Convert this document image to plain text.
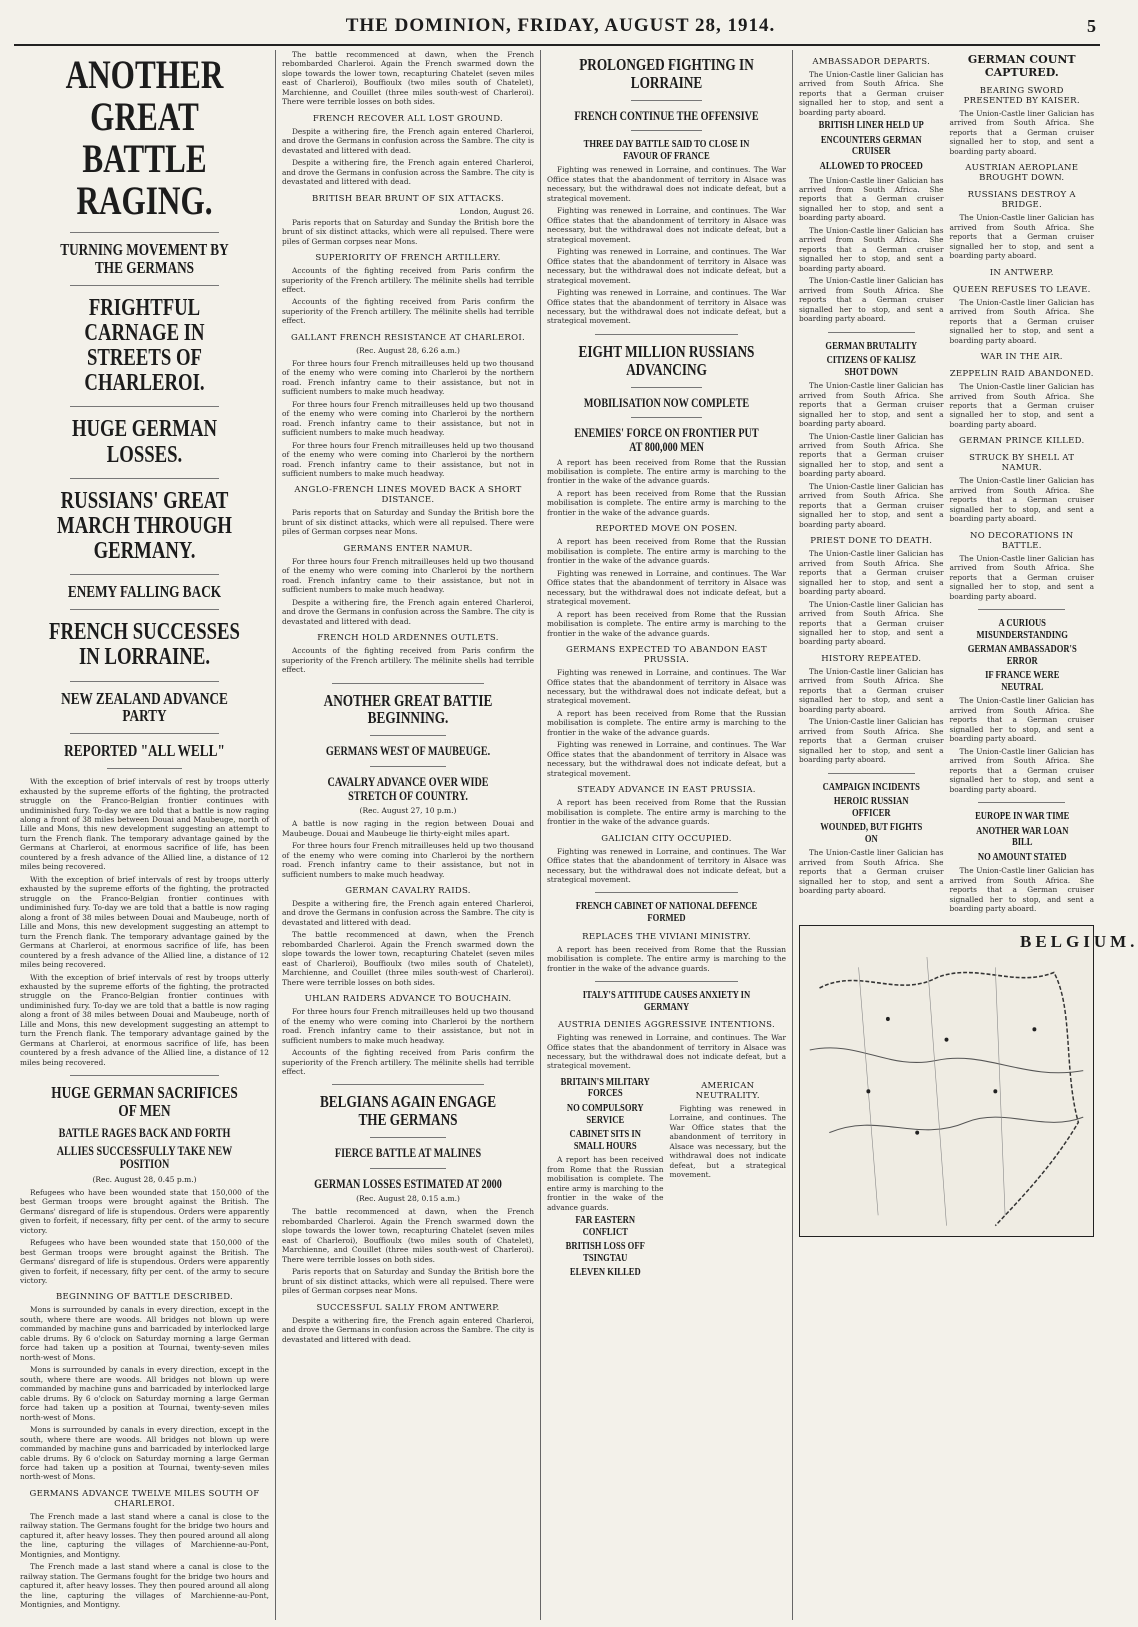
THE DOMINION, FRIDAY, AUGUST 28, 1914.	5
ANOTHER GREAT BATTLE RAGING.
TURNING MOVEMENT BY THE GERMANS
FRIGHTFUL CARNAGE IN STREETS OF CHARLEROI.
HUGE GERMAN LOSSES.
RUSSIANS' GREAT MARCH THROUGH GERMANY.
ENEMY FALLING BACK
FRENCH SUCCESSES IN LORRAINE.
NEW ZEALAND ADVANCE PARTY
REPORTED "ALL WELL"

With the exception of brief intervals of rest by troops utterly exhausted by the supreme efforts of the fighting, the protracted struggle on the Franco-Belgian frontier continues with undiminished fury. To-day we are told that a battle is now raging along a front of 38 miles between Douai and Maubeuge, north of Lille and Mons, this new development suggesting an attempt to turn the French flank. The temporary advantage gained by the Germans at Charleroi, at enormous sacrifice of life, has been countered by a fresh advance of the Allied line, a distance of 12 miles being recovered.

With the exception of brief intervals of rest by troops utterly exhausted by the supreme efforts of the fighting, the protracted struggle on the Franco-Belgian frontier continues with undiminished fury. To-day we are told that a battle is now raging along a front of 38 miles between Douai and Maubeuge, north of Lille and Mons, this new development suggesting an attempt to turn the French flank. The temporary advantage gained by the Germans at Charleroi, at enormous sacrifice of life, has been countered by a fresh advance of the Allied line, a distance of 12 miles being recovered.

With the exception of brief intervals of rest by troops utterly exhausted by the supreme efforts of the fighting, the protracted struggle on the Franco-Belgian frontier continues with undiminished fury. To-day we are told that a battle is now raging along a front of 38 miles between Douai and Maubeuge, north of Lille and Mons, this new development suggesting an attempt to turn the French flank. The temporary advantage gained by the Germans at Charleroi, at enormous sacrifice of life, has been countered by a fresh advance of the Allied line, a distance of 12 miles being recovered.

HUGE GERMAN SACRIFICES OF MEN
BATTLE RAGES BACK AND FORTH
ALLIES SUCCESSFULLY TAKE NEW POSITION
(Rec. August 28, 0.45 p.m.)

Refugees who have been wounded state that 150,000 of the best German troops were brought against the British. The Germans' disregard of life is stupendous. Orders were apparently given to forfeit, if necessary, fifty per cent. of the army to secure victory.

Refugees who have been wounded state that 150,000 of the best German troops were brought against the British. The Germans' disregard of life is stupendous. Orders were apparently given to forfeit, if necessary, fifty per cent. of the army to secure victory.

BEGINNING OF BATTLE DESCRIBED.

Mons is surrounded by canals in every direction, except in the south, where there are woods. All bridges not blown up were commanded by machine guns and barricaded by interlocked large cable drums. By 6 o'clock on Saturday morning a large German force had taken up a position at Tournai, twenty-seven miles north-west of Mons.

Mons is surrounded by canals in every direction, except in the south, where there are woods. All bridges not blown up were commanded by machine guns and barricaded by interlocked large cable drums. By 6 o'clock on Saturday morning a large German force had taken up a position at Tournai, twenty-seven miles north-west of Mons.

Mons is surrounded by canals in every direction, except in the south, where there are woods. All bridges not blown up were commanded by machine guns and barricaded by interlocked large cable drums. By 6 o'clock on Saturday morning a large German force had taken up a position at Tournai, twenty-seven miles north-west of Mons.

GERMANS ADVANCE TWELVE MILES SOUTH OF CHARLEROI.

The French made a last stand where a canal is close to the railway station. The Germans fought for the bridge two hours and captured it, after heavy losses. They then poured around all along the line, capturing the villages of Marchienne-au-Pont, Montignies, and Montigny.

The French made a last stand where a canal is close to the railway station. The Germans fought for the bridge two hours and captured it, after heavy losses. They then poured around all along the line, capturing the villages of Marchienne-au-Pont, Montignies, and Montigny.

The battle recommenced at dawn, when the French rebombarded Charleroi. Again the French swarmed down the slope towards the lower town, recapturing Chatelet (seven miles east of Charleroi), Bouffioulx (two miles south of Chatelet), Marchienne, and Couillet (three miles south-west of Charleroi). There were terrible losses on both sides.

FRENCH RECOVER ALL LOST GROUND.

Despite a withering fire, the French again entered Charleroi, and drove the Germans in confusion across the Sambre. The city is devastated and littered with dead.

Despite a withering fire, the French again entered Charleroi, and drove the Germans in confusion across the Sambre. The city is devastated and littered with dead.

BRITISH BEAR BRUNT OF SIX ATTACKS.
London, August 26.

Paris reports that on Saturday and Sunday the British bore the brunt of six distinct attacks, which were all repulsed. There were piles of German corpses near Mons.

SUPERIORITY OF FRENCH ARTILLERY.

Accounts of the fighting received from Paris confirm the superiority of the French artillery. The mélinite shells had terrible effect.

Accounts of the fighting received from Paris confirm the superiority of the French artillery. The mélinite shells had terrible effect.

GALLANT FRENCH RESISTANCE AT CHARLEROI.
(Rec. August 28, 6.26 a.m.)

For three hours four French mitrailleuses held up two thousand of the enemy who were coming into Charleroi by the northern road. French infantry came to their assistance, but not in sufficient numbers to make much headway.

For three hours four French mitrailleuses held up two thousand of the enemy who were coming into Charleroi by the northern road. French infantry came to their assistance, but not in sufficient numbers to make much headway.

For three hours four French mitrailleuses held up two thousand of the enemy who were coming into Charleroi by the northern road. French infantry came to their assistance, but not in sufficient numbers to make much headway.

ANGLO-FRENCH LINES MOVED BACK A SHORT DISTANCE.

Paris reports that on Saturday and Sunday the British bore the brunt of six distinct attacks, which were all repulsed. There were piles of German corpses near Mons.

GERMANS ENTER NAMUR.

For three hours four French mitrailleuses held up two thousand of the enemy who were coming into Charleroi by the northern road. French infantry came to their assistance, but not in sufficient numbers to make much headway.

Despite a withering fire, the French again entered Charleroi, and drove the Germans in confusion across the Sambre. The city is devastated and littered with dead.

FRENCH HOLD ARDENNES OUTLETS.

Accounts of the fighting received from Paris confirm the superiority of the French artillery. The mélinite shells had terrible effect.

ANOTHER GREAT BATTIE BEGINNING.
GERMANS WEST OF MAUBEUGE.
CAVALRY ADVANCE OVER WIDE STRETCH OF COUNTRY.
(Rec. August 27, 10 p.m.)

A battle is now raging in the region between Douai and Maubeuge. Douai and Maubeuge lie thirty-eight miles apart.

For three hours four French mitrailleuses held up two thousand of the enemy who were coming into Charleroi by the northern road. French infantry came to their assistance, but not in sufficient numbers to make much headway.

GERMAN CAVALRY RAIDS.

Despite a withering fire, the French again entered Charleroi, and drove the Germans in confusion across the Sambre. The city is devastated and littered with dead.

The battle recommenced at dawn, when the French rebombarded Charleroi. Again the French swarmed down the slope towards the lower town, recapturing Chatelet (seven miles east of Charleroi), Bouffioulx (two miles south of Chatelet), Marchienne, and Couillet (three miles south-west of Charleroi). There were terrible losses on both sides.

UHLAN RAIDERS ADVANCE TO BOUCHAIN.

For three hours four French mitrailleuses held up two thousand of the enemy who were coming into Charleroi by the northern road. French infantry came to their assistance, but not in sufficient numbers to make much headway.

Accounts of the fighting received from Paris confirm the superiority of the French artillery. The mélinite shells had terrible effect.

BELGIANS AGAIN ENGAGE THE GERMANS
FIERCE BATTLE AT MALINES
GERMAN LOSSES ESTIMATED AT 2000
(Rec. August 28, 0.15 a.m.)

The battle recommenced at dawn, when the French rebombarded Charleroi. Again the French swarmed down the slope towards the lower town, recapturing Chatelet (seven miles east of Charleroi), Bouffioulx (two miles south of Chatelet), Marchienne, and Couillet (three miles south-west of Charleroi). There were terrible losses on both sides.

Paris reports that on Saturday and Sunday the British bore the brunt of six distinct attacks, which were all repulsed. There were piles of German corpses near Mons.

SUCCESSFUL SALLY FROM ANTWERP.

Despite a withering fire, the French again entered Charleroi, and drove the Germans in confusion across the Sambre. The city is devastated and littered with dead.

PROLONGED FIGHTING IN LORRAINE
FRENCH CONTINUE THE OFFENSIVE
THREE DAY BATTLE SAID TO CLOSE IN FAVOUR OF FRANCE

Fighting was renewed in Lorraine, and continues. The War Office states that the abandonment of territory in Alsace was necessary, but the withdrawal does not indicate defeat, but a strategical movement.

Fighting was renewed in Lorraine, and continues. The War Office states that the abandonment of territory in Alsace was necessary, but the withdrawal does not indicate defeat, but a strategical movement.

Fighting was renewed in Lorraine, and continues. The War Office states that the abandonment of territory in Alsace was necessary, but the withdrawal does not indicate defeat, but a strategical movement.

Fighting was renewed in Lorraine, and continues. The War Office states that the abandonment of territory in Alsace was necessary, but the withdrawal does not indicate defeat, but a strategical movement.

EIGHT MILLION RUSSIANS ADVANCING
MOBILISATION NOW COMPLETE
ENEMIES' FORCE ON FRONTIER PUT AT 800,000 MEN

A report has been received from Rome that the Russian mobilisation is complete. The entire army is marching to the frontier in the wake of the advance guards.

A report has been received from Rome that the Russian mobilisation is complete. The entire army is marching to the frontier in the wake of the advance guards.

REPORTED MOVE ON POSEN.

A report has been received from Rome that the Russian mobilisation is complete. The entire army is marching to the frontier in the wake of the advance guards.

Fighting was renewed in Lorraine, and continues. The War Office states that the abandonment of territory in Alsace was necessary, but the withdrawal does not indicate defeat, but a strategical movement.

A report has been received from Rome that the Russian mobilisation is complete. The entire army is marching to the frontier in the wake of the advance guards.

GERMANS EXPECTED TO ABANDON EAST PRUSSIA.

Fighting was renewed in Lorraine, and continues. The War Office states that the abandonment of territory in Alsace was necessary, but the withdrawal does not indicate defeat, but a strategical movement.

A report has been received from Rome that the Russian mobilisation is complete. The entire army is marching to the frontier in the wake of the advance guards.

Fighting was renewed in Lorraine, and continues. The War Office states that the abandonment of territory in Alsace was necessary, but the withdrawal does not indicate defeat, but a strategical movement.

STEADY ADVANCE IN EAST PRUSSIA.

A report has been received from Rome that the Russian mobilisation is complete. The entire army is marching to the frontier in the wake of the advance guards.

GALICIAN CITY OCCUPIED.

Fighting was renewed in Lorraine, and continues. The War Office states that the abandonment of territory in Alsace was necessary, but the withdrawal does not indicate defeat, but a strategical movement.

FRENCH CABINET OF NATIONAL DEFENCE FORMED
REPLACES THE VIVIANI MINISTRY.

A report has been received from Rome that the Russian mobilisation is complete. The entire army is marching to the frontier in the wake of the advance guards.

ITALY'S ATTITUDE CAUSES ANXIETY IN GERMANY
AUSTRIA DENIES AGGRESSIVE INTENTIONS.

Fighting was renewed in Lorraine, and continues. The War Office states that the abandonment of territory in Alsace was necessary, but the withdrawal does not indicate defeat, but a strategical movement.

BRITAIN'S MILITARY FORCES
NO COMPULSORY SERVICE
CABINET SITS IN SMALL HOURS

A report has been received from Rome that the Russian mobilisation is complete. The entire army is marching to the frontier in the wake of the advance guards.

FAR EASTERN CONFLICT
BRITISH LOSS OFF TSINGTAU
ELEVEN KILLED
AMERICAN NEUTRALITY.

Fighting was renewed in Lorraine, and continues. The War Office states that the abandonment of territory in Alsace was necessary, but the withdrawal does not indicate defeat, but a strategical movement.

AMBASSADOR DEPARTS.

The Union-Castle liner Galician has arrived from South Africa. She reports that a German cruiser signalled her to stop, and sent a boarding party aboard.

BRITISH LINER HELD UP
ENCOUNTERS GERMAN CRUISER
ALLOWED TO PROCEED

The Union-Castle liner Galician has arrived from South Africa. She reports that a German cruiser signalled her to stop, and sent a boarding party aboard.

The Union-Castle liner Galician has arrived from South Africa. She reports that a German cruiser signalled her to stop, and sent a boarding party aboard.

The Union-Castle liner Galician has arrived from South Africa. She reports that a German cruiser signalled her to stop, and sent a boarding party aboard.

GERMAN BRUTALITY
CITIZENS OF KALISZ SHOT DOWN

The Union-Castle liner Galician has arrived from South Africa. She reports that a German cruiser signalled her to stop, and sent a boarding party aboard.

The Union-Castle liner Galician has arrived from South Africa. She reports that a German cruiser signalled her to stop, and sent a boarding party aboard.

The Union-Castle liner Galician has arrived from South Africa. She reports that a German cruiser signalled her to stop, and sent a boarding party aboard.

PRIEST DONE TO DEATH.

The Union-Castle liner Galician has arrived from South Africa. She reports that a German cruiser signalled her to stop, and sent a boarding party aboard.

The Union-Castle liner Galician has arrived from South Africa. She reports that a German cruiser signalled her to stop, and sent a boarding party aboard.

HISTORY REPEATED.

The Union-Castle liner Galician has arrived from South Africa. She reports that a German cruiser signalled her to stop, and sent a boarding party aboard.

The Union-Castle liner Galician has arrived from South Africa. She reports that a German cruiser signalled her to stop, and sent a boarding party aboard.

CAMPAIGN INCIDENTS
HEROIC RUSSIAN OFFICER
WOUNDED, BUT FIGHTS ON

The Union-Castle liner Galician has arrived from South Africa. She reports that a German cruiser signalled her to stop, and sent a boarding party aboard.

GERMAN COUNT CAPTURED.
BEARING SWORD PRESENTED BY KAISER.

The Union-Castle liner Galician has arrived from South Africa. She reports that a German cruiser signalled her to stop, and sent a boarding party aboard.

AUSTRIAN AEROPLANE BROUGHT DOWN.
RUSSIANS DESTROY A BRIDGE.

The Union-Castle liner Galician has arrived from South Africa. She reports that a German cruiser signalled her to stop, and sent a boarding party aboard.

IN ANTWERP.
QUEEN REFUSES TO LEAVE.

The Union-Castle liner Galician has arrived from South Africa. She reports that a German cruiser signalled her to stop, and sent a boarding party aboard.

WAR IN THE AIR.
ZEPPELIN RAID ABANDONED.

The Union-Castle liner Galician has arrived from South Africa. She reports that a German cruiser signalled her to stop, and sent a boarding party aboard.

GERMAN PRINCE KILLED.
STRUCK BY SHELL AT NAMUR.

The Union-Castle liner Galician has arrived from South Africa. She reports that a German cruiser signalled her to stop, and sent a boarding party aboard.

NO DECORATIONS IN BATTLE.

The Union-Castle liner Galician has arrived from South Africa. She reports that a German cruiser signalled her to stop, and sent a boarding party aboard.

A CURIOUS MISUNDERSTANDING
GERMAN AMBASSADOR'S ERROR
IF FRANCE WERE NEUTRAL

The Union-Castle liner Galician has arrived from South Africa. She reports that a German cruiser signalled her to stop, and sent a boarding party aboard.

The Union-Castle liner Galician has arrived from South Africa. She reports that a German cruiser signalled her to stop, and sent a boarding party aboard.

EUROPE IN WAR TIME
ANOTHER WAR LOAN BILL
NO AMOUNT STATED

The Union-Castle liner Galician has arrived from South Africa. She reports that a German cruiser signalled her to stop, and sent a boarding party aboard.

BELGIUM.
